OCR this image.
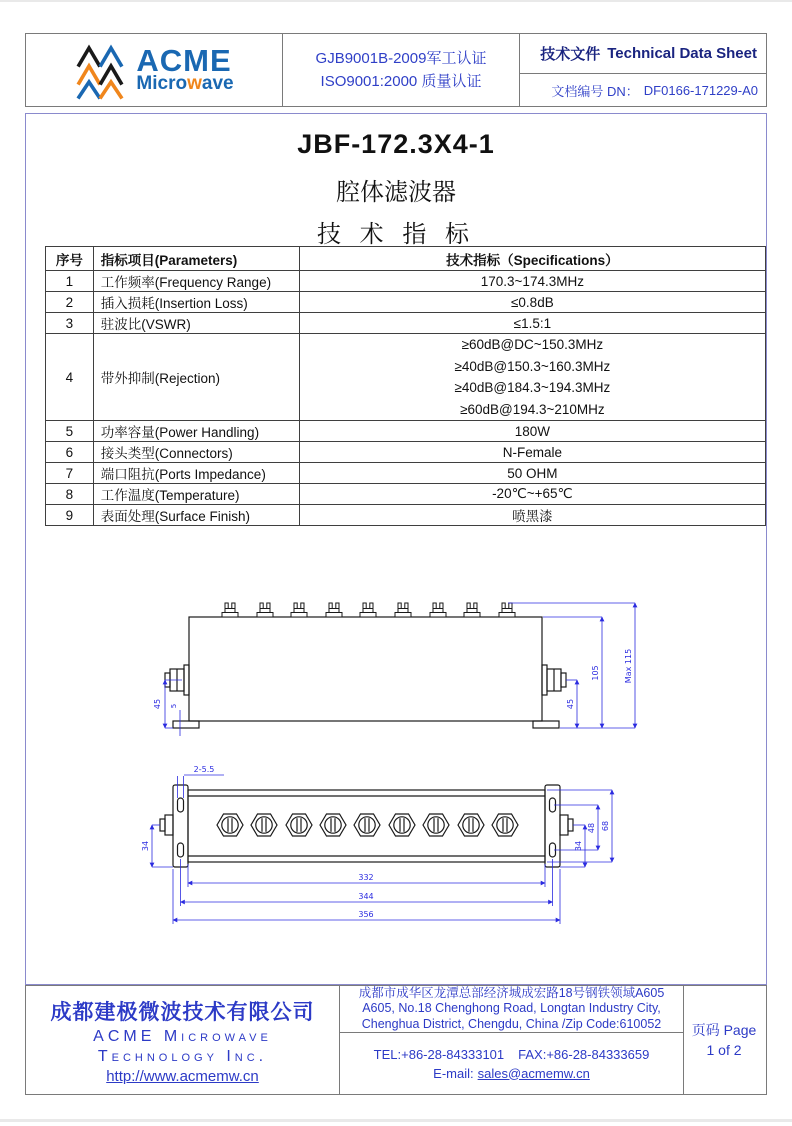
ACME
Microwave
GJB9001B-2009军工认证
ISO9001:2000 质量认证
技术文件 Technical Data Sheet
文档编号 DN： DF0166-171229-A0
JBF-172.3X4-1
腔体滤波器
技 术 指 标
序号	指标项目(Parameters)	技术指标（Specifications）
1	工作频率(Frequency Range)	170.3~174.3MHz
2	插入损耗(Insertion Loss)	≤0.8dB
3	驻波比(VSWR)	≤1.5:1
4	带外抑制(Rejection)	≥60dB@DC~150.3MHz
≥40dB@150.3~160.3MHz
≥40dB@184.3~194.3MHz
≥60dB@194.3~210MHz

5	功率容量(Power Handling)	180W
6	接头类型(Connectors)	N-Female
7	端口阻抗(Ports Impedance)	50 OHM
8	工作温度(Temperature)	-20℃~+65℃
9	表面处理(Surface Finish)	喷黑漆
45 5	45
105	Max 115
2-5.5
34	34
48 68
332
344
356
成都建极微波技术有限公司
ACME Microwave
Technology Inc.
http://www.acmemw.cn
成都市成华区龙潭总部经济城成宏路18号钢铁领域A605
A605, No.18 Chenghong Road, Longtan Industry City,
Chenghua District, Chengdu, China /Zip Code:610052
TEL:+86-28-84333101 FAX:+86-28-84333659
E-mail: sales@acmemw.cn
页码 Page
1 of 2
